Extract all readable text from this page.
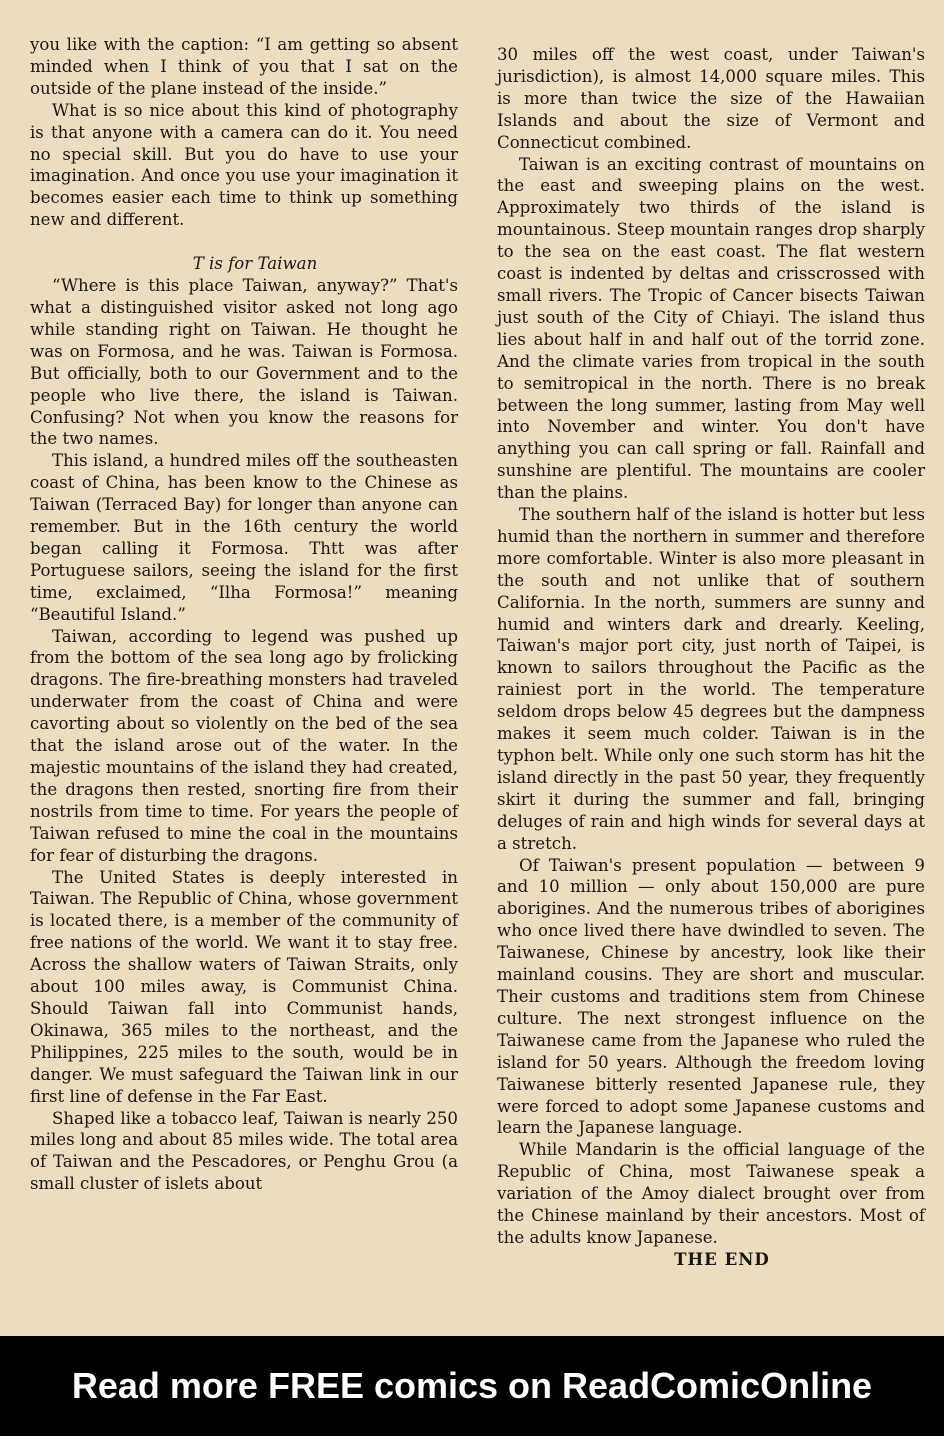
you like with the caption: “I am getting so absent minded when I think of you that I sat on the outside of the plane instead of the inside.”

What is so nice about this kind of photography is that anyone with a camera can do it. You need no special skill. But you do have to use your imagination. And once you use your imagination it becomes easier each time to think up something new and different.

T is for Taiwan

“Where is this place Taiwan, anyway?” That's what a distinguished visitor asked not long ago while standing right on Taiwan. He thought he was on Formosa, and he was. Taiwan is Formosa. But officially, both to our Government and to the people who live there, the island is Taiwan. Confusing? Not when you know the reasons for the two names.

This island, a hundred miles off the southeasten coast of China, has been know to the Chinese as Taiwan (Terraced Bay) for longer than anyone can remember. But in the 16th century the world began calling it Formosa. Thtt was after Portuguese sailors, seeing the island for the first time, exclaimed, “Ilha Formosa!” meaning “Beautiful Island.”

Taiwan, according to legend was pushed up from the bottom of the sea long ago by frolicking dragons. The fire-breathing monsters had traveled underwater from the coast of China and were cavorting about so violently on the bed of the sea that the island arose out of the water. In the majestic mountains of the island they had created, the dragons then rested, snorting fire from their nostrils from time to time. For years the people of Taiwan refused to mine the coal in the mountains for fear of disturbing the dragons.

The United States is deeply interested in Taiwan. The Republic of China, whose government is located there, is a member of the community of free nations of the world. We want it to stay free. Across the shallow waters of Taiwan Straits, only about 100 miles away, is Communist China. Should Taiwan fall into Communist hands, Okinawa, 365 miles to the northeast, and the Philippines, 225 miles to the south, would be in danger. We must safeguard the Taiwan link in our first line of defense in the Far East.

Shaped like a tobacco leaf, Taiwan is nearly 250 miles long and about 85 miles wide. The total area of Taiwan and the Pescadores, or Penghu Grou (a small cluster of islets about

30 miles off the west coast, under Taiwan's jurisdiction), is almost 14,000 square miles. This is more than twice the size of the Hawaiian Islands and about the size of Vermont and Connecticut combined.

Taiwan is an exciting contrast of mountains on the east and sweeping plains on the west. Approximately two thirds of the island is mountainous. Steep mountain ranges drop sharply to the sea on the east coast. The flat western coast is indented by deltas and crisscrossed with small rivers. The Tropic of Cancer bisects Taiwan just south of the City of Chiayi. The island thus lies about half in and half out of the torrid zone. And the climate varies from tropical in the south to semitropical in the north. There is no break between the long summer, lasting from May well into November and winter. You don't have anything you can call spring or fall. Rainfall and sunshine are plentiful. The mountains are cooler than the plains.

The southern half of the island is hotter but less humid than the northern in summer and therefore more comfortable. Winter is also more pleasant in the south and not unlike that of southern California. In the north, summers are sunny and humid and winters dark and drearly. Keeling, Taiwan's major port city, just north of Taipei, is known to sailors throughout the Pacific as the rainiest port in the world. The temperature seldom drops below 45 degrees but the dampness makes it seem much colder. Taiwan is in the typhon belt. While only one such storm has hit the island directly in the past 50 year, they frequently skirt it during the summer and fall, bringing deluges of rain and high winds for several days at a stretch.

Of Taiwan's present population — between 9 and 10 million — only about 150,000 are pure aborigines. And the numerous tribes of aborigines who once lived there have dwindled to seven. The Taiwanese, Chinese by ancestry, look like their mainland cousins. They are short and muscular. Their customs and traditions stem from Chinese culture. The next strongest influence on the Taiwanese came from the Japanese who ruled the island for 50 years. Although the freedom loving Taiwanese bitterly resented Japanese rule, they were forced to adopt some Japanese customs and learn the Japanese language.

While Mandarin is the official language of the Republic of China, most Taiwanese speak a variation of the Amoy dialect brought over from the Chinese mainland by their ancestors. Most of the adults know Japanese.

THE END

Read more FREE comics on ReadComicOnline
